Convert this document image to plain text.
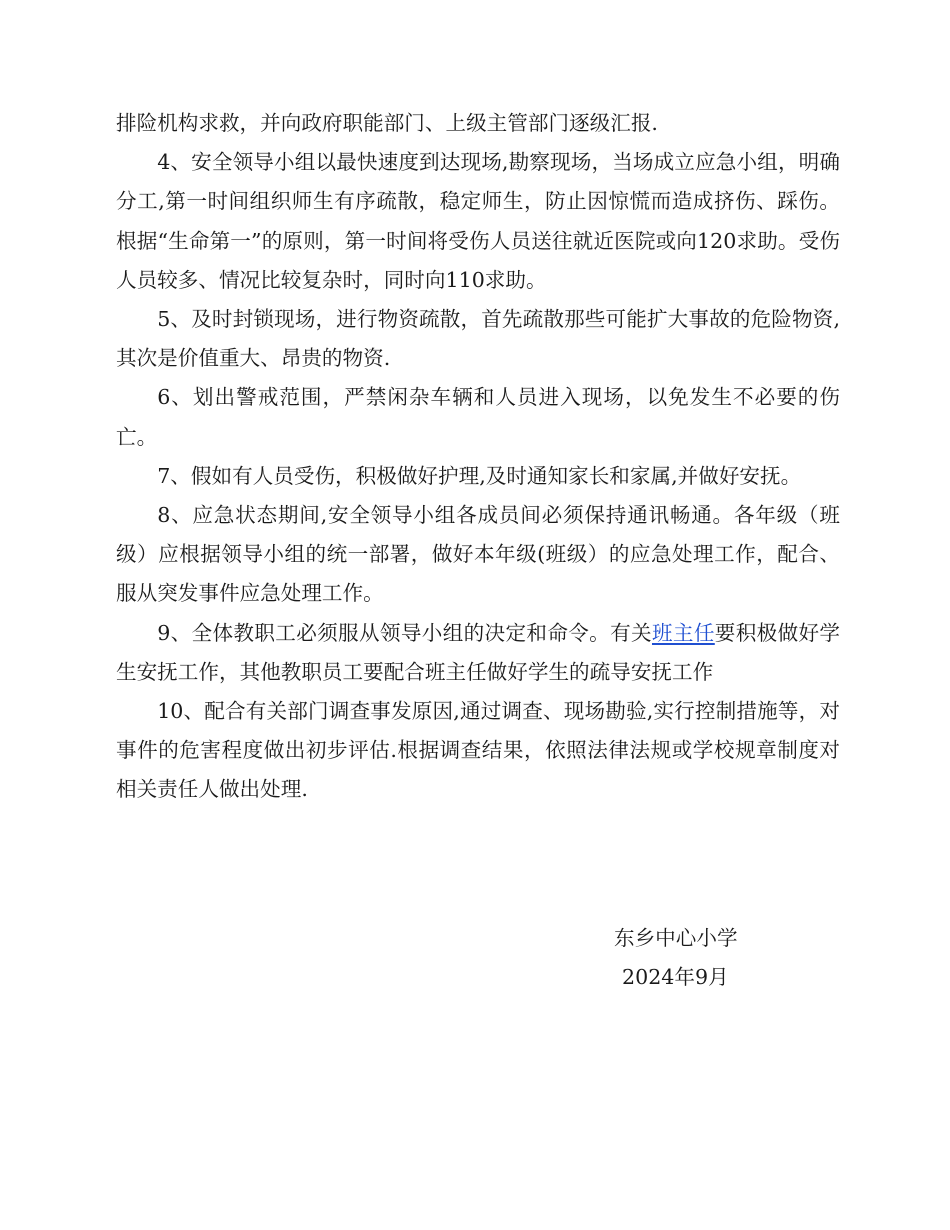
排险机构求救，并向政府职能部门、上级主管部门逐级汇报.

4、安全领导小组以最快速度到达现场,勘察现场，当场成立应急小组，明确分工,第一时间组织师生有序疏散，稳定师生，防止因惊慌而造成挤伤、踩伤。根据“生命第一”的原则，第一时间将受伤人员送往就近医院或向120求助。受伤人员较多、情况比较复杂时，同时向110求助。

5、及时封锁现场，进行物资疏散，首先疏散那些可能扩大事故的危险物资,其次是价值重大、昂贵的物资.

6、划出警戒范围，严禁闲杂车辆和人员进入现场，以免发生不必要的伤亡。

7、假如有人员受伤，积极做好护理,及时通知家长和家属,并做好安抚。

8、应急状态期间,安全领导小组各成员间必须保持通讯畅通。各年级（班级）应根据领导小组的统一部署，做好本年级(班级）的应急处理工作，配合、服从突发事件应急处理工作。

9、全体教职工必须服从领导小组的决定和命令。有关班主任要积极做好学生安抚工作，其他教职员工要配合班主任做好学生的疏导安抚工作

10、配合有关部门调查事发原因,通过调查、现场勘验,实行控制措施等，对事件的危害程度做出初步评估.根据调查结果，依照法律法规或学校规章制度对相关责任人做出处理.

东乡中心小学
2024年9月
